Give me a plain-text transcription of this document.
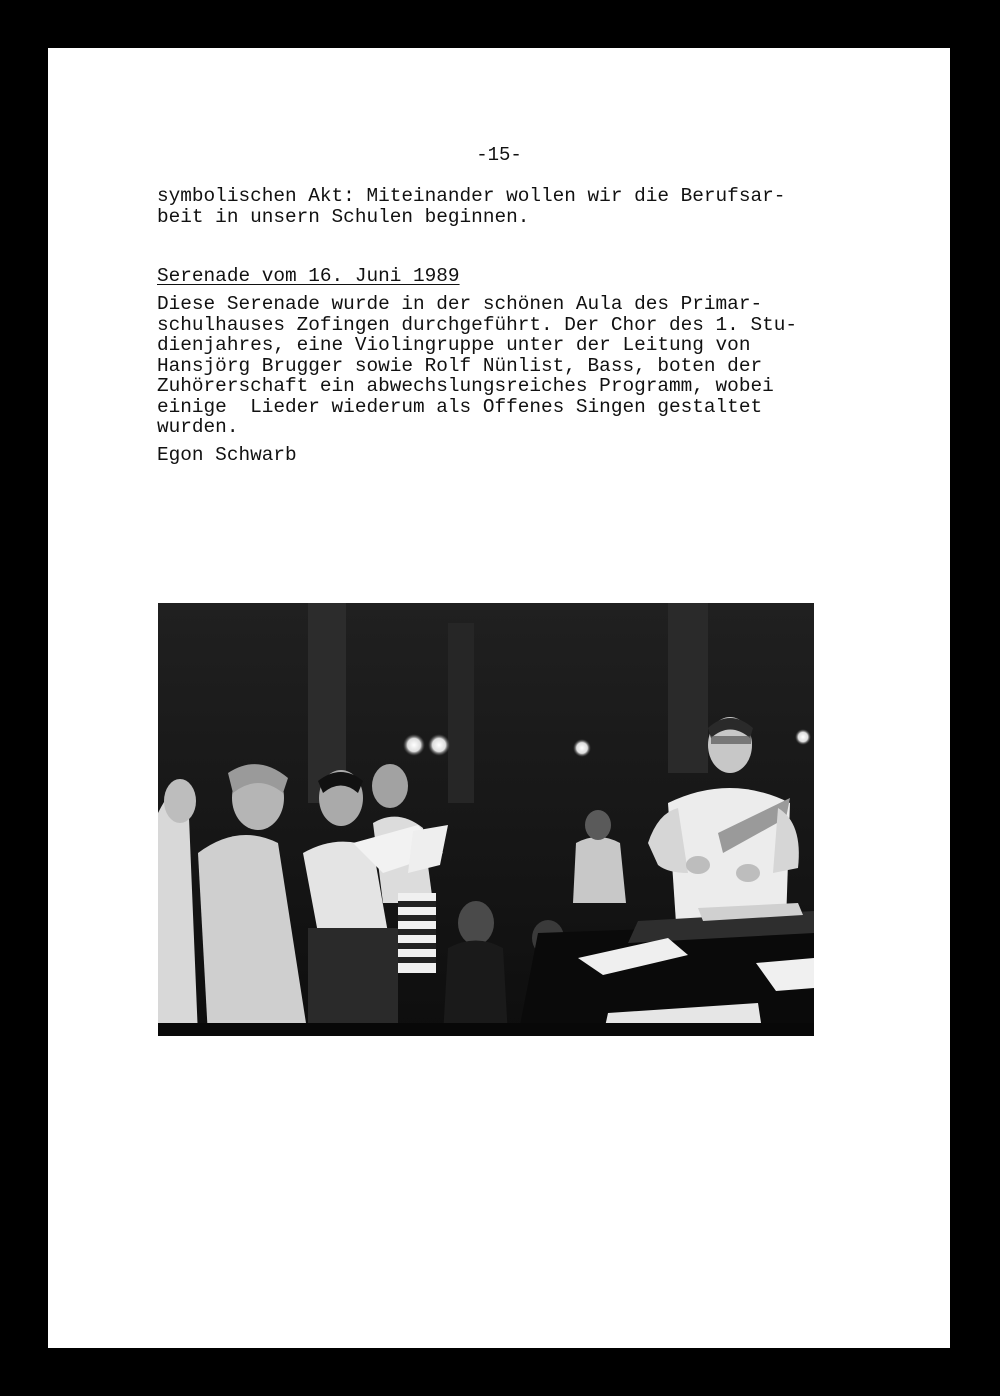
-15-
symbolischen Akt: Miteinander wollen wir die Berufsar-
beit in unsern Schulen beginnen.
Serenade vom 16. Juni 1989
Diese Serenade wurde in der schönen Aula des Primar-
schulhauses Zofingen durchgeführt. Der Chor des 1. Stu-
dienjahres, eine Violingruppe unter der Leitung von
Hansjörg Brugger sowie Rolf Nünlist, Bass, boten der
Zuhörerschaft ein abwechslungsreiches Programm, wobei
einige  Lieder wiederum als Offenes Singen gestaltet
wurden.
Egon Schwarb
